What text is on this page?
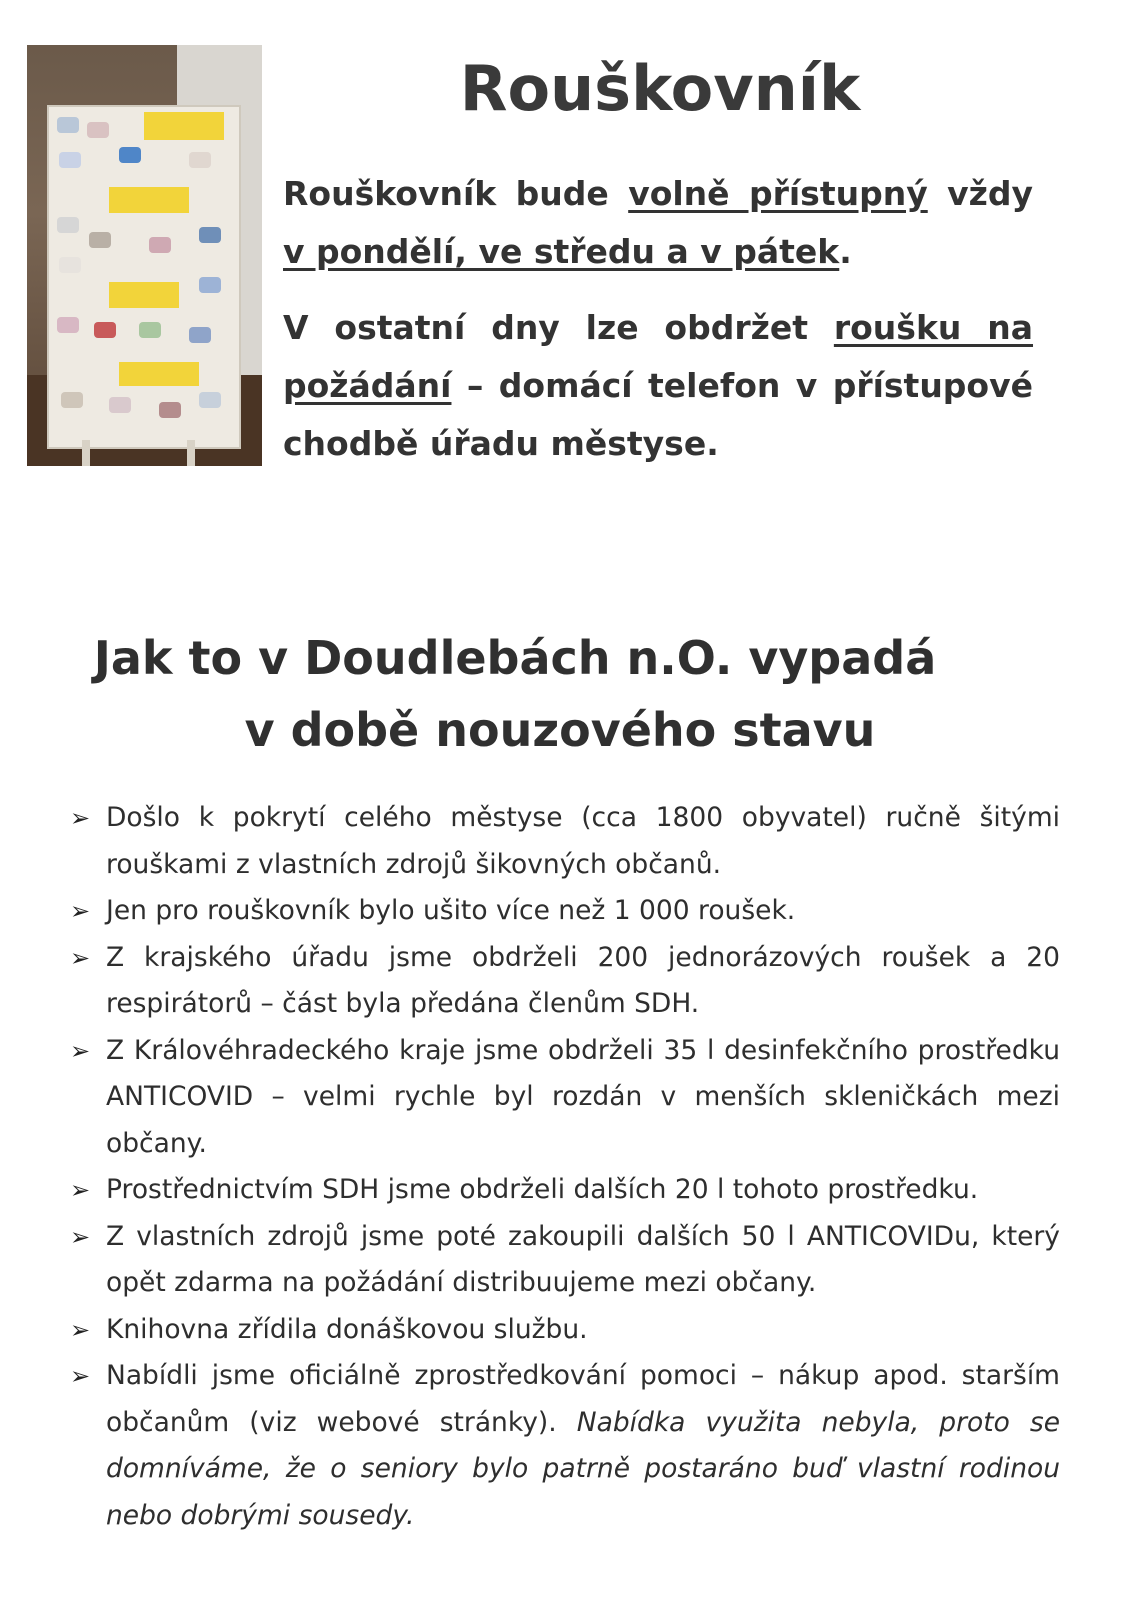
Rouškovník

Rouškovník bude volně přístupný vždy v pondělí, ve středu a v pátek.

V ostatní dny lze obdržet roušku na požádání – domácí telefon v přístupové chodbě úřadu městyse.

Jak to v Doudlebách n.O. vypadá
v době nouzového stavu
➢ Došlo k pokrytí celého městyse (cca 1800 obyvatel) ručně šitými rouškami z vlastních zdrojů šikovných občanů.
➢ Jen pro rouškovník bylo ušito více než 1 000 roušek.
➢ Z krajského úřadu jsme obdrželi 200 jednorázových roušek a 20 respirátorů – část byla předána členům SDH.
➢ Z Královéhradeckého kraje jsme obdrželi 35 l desinfekčního prostředku ANTICOVID – velmi rychle byl rozdán v menších skleničkách mezi občany.
➢ Prostřednictvím SDH jsme obdrželi dalších 20 l tohoto prostředku.
➢ Z vlastních zdrojů jsme poté zakoupili dalších 50 l ANTICOVIDu, který opět zdarma na požádání distribuujeme mezi občany.
➢ Knihovna zřídila donáškovou službu.
➢ Nabídli jsme oficiálně zprostředkování pomoci – nákup apod. starším občanům (viz webové stránky). Nabídka využita nebyla, proto se domníváme, že o seniory bylo patrně postaráno buď vlastní rodinou nebo dobrými sousedy.
